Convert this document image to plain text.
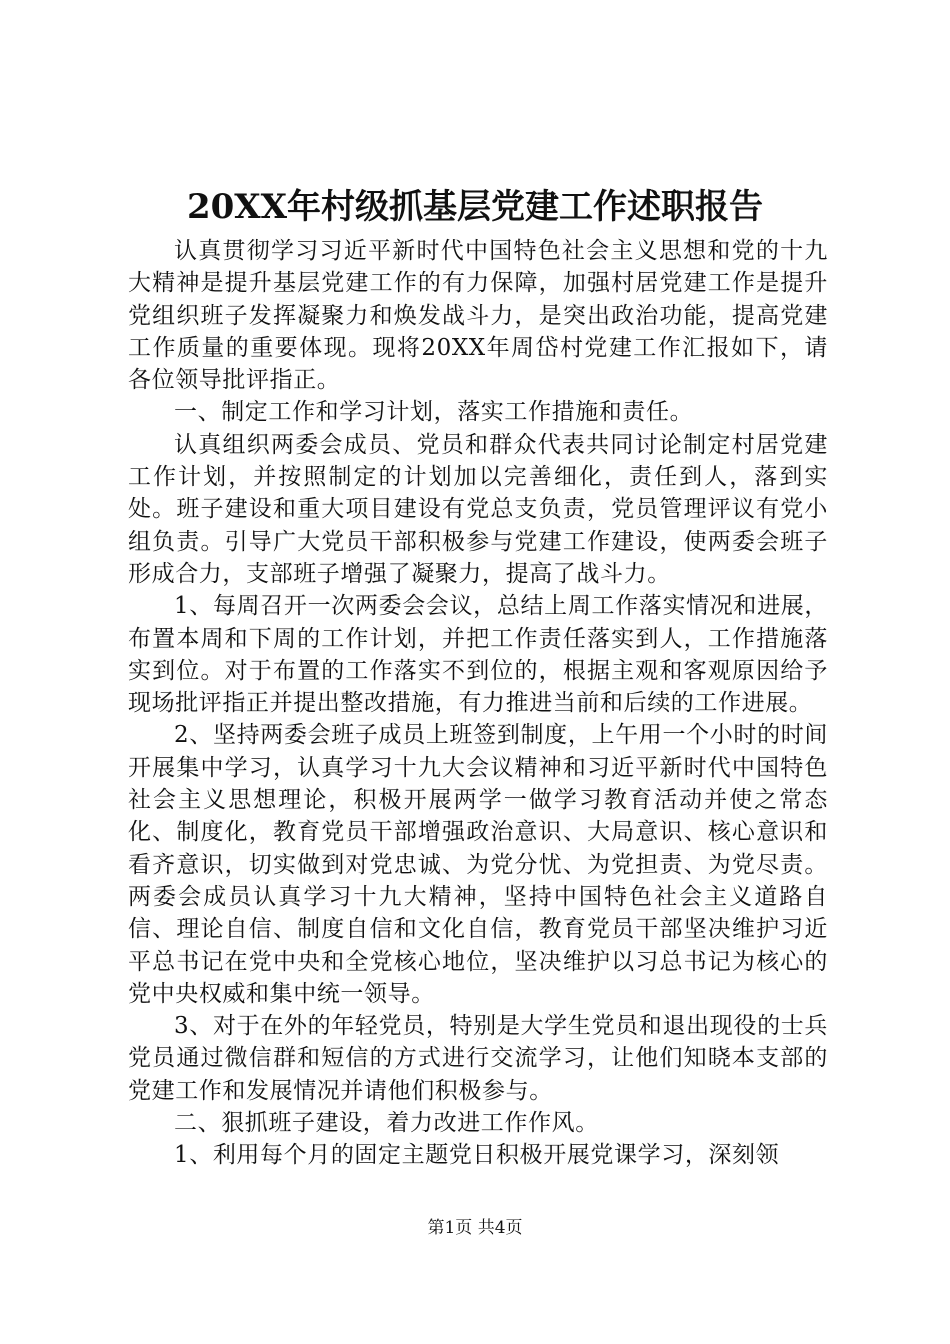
20XX年村级抓基层党建工作述职报告

认真贯彻学习习近平新时代中国特色社会主义思想和党的十九大精神是提升基层党建工作的有力保障，加强村居党建工作是提升党组织班子发挥凝聚力和焕发战斗力，是突出政治功能，提高党建工作质量的重要体现。现将20XX年周岱村党建工作汇报如下，请各位领导批评指正。

一、制定工作和学习计划，落实工作措施和责任。

认真组织两委会成员、党员和群众代表共同讨论制定村居党建工作计划，并按照制定的计划加以完善细化，责任到人，落到实处。班子建设和重大项目建设有党总支负责，党员管理评议有党小组负责。引导广大党员干部积极参与党建工作建设，使两委会班子形成合力，支部班子增强了凝聚力，提高了战斗力。

1、每周召开一次两委会会议，总结上周工作落实情况和进展，布置本周和下周的工作计划，并把工作责任落实到人，工作措施落实到位。对于布置的工作落实不到位的，根据主观和客观原因给予现场批评指正并提出整改措施，有力推进当前和后续的工作进展。

2、坚持两委会班子成员上班签到制度，上午用一个小时的时间开展集中学习，认真学习十九大会议精神和习近平新时代中国特色社会主义思想理论，积极开展两学一做学习教育活动并使之常态化、制度化，教育党员干部增强政治意识、大局意识、核心意识和看齐意识，切实做到对党忠诚、为党分忧、为党担责、为党尽责。两委会成员认真学习十九大精神，坚持中国特色社会主义道路自信、理论自信、制度自信和文化自信，教育党员干部坚决维护习近平总书记在党中央和全党核心地位，坚决维护以习总书记为核心的党中央权威和集中统一领导。

3、对于在外的年轻党员，特别是大学生党员和退出现役的士兵党员通过微信群和短信的方式进行交流学习，让他们知晓本支部的党建工作和发展情况并请他们积极参与。

二、狠抓班子建设，着力改进工作作风。

1、利用每个月的固定主题党日积极开展党课学习，深刻领

第1页 共4页
